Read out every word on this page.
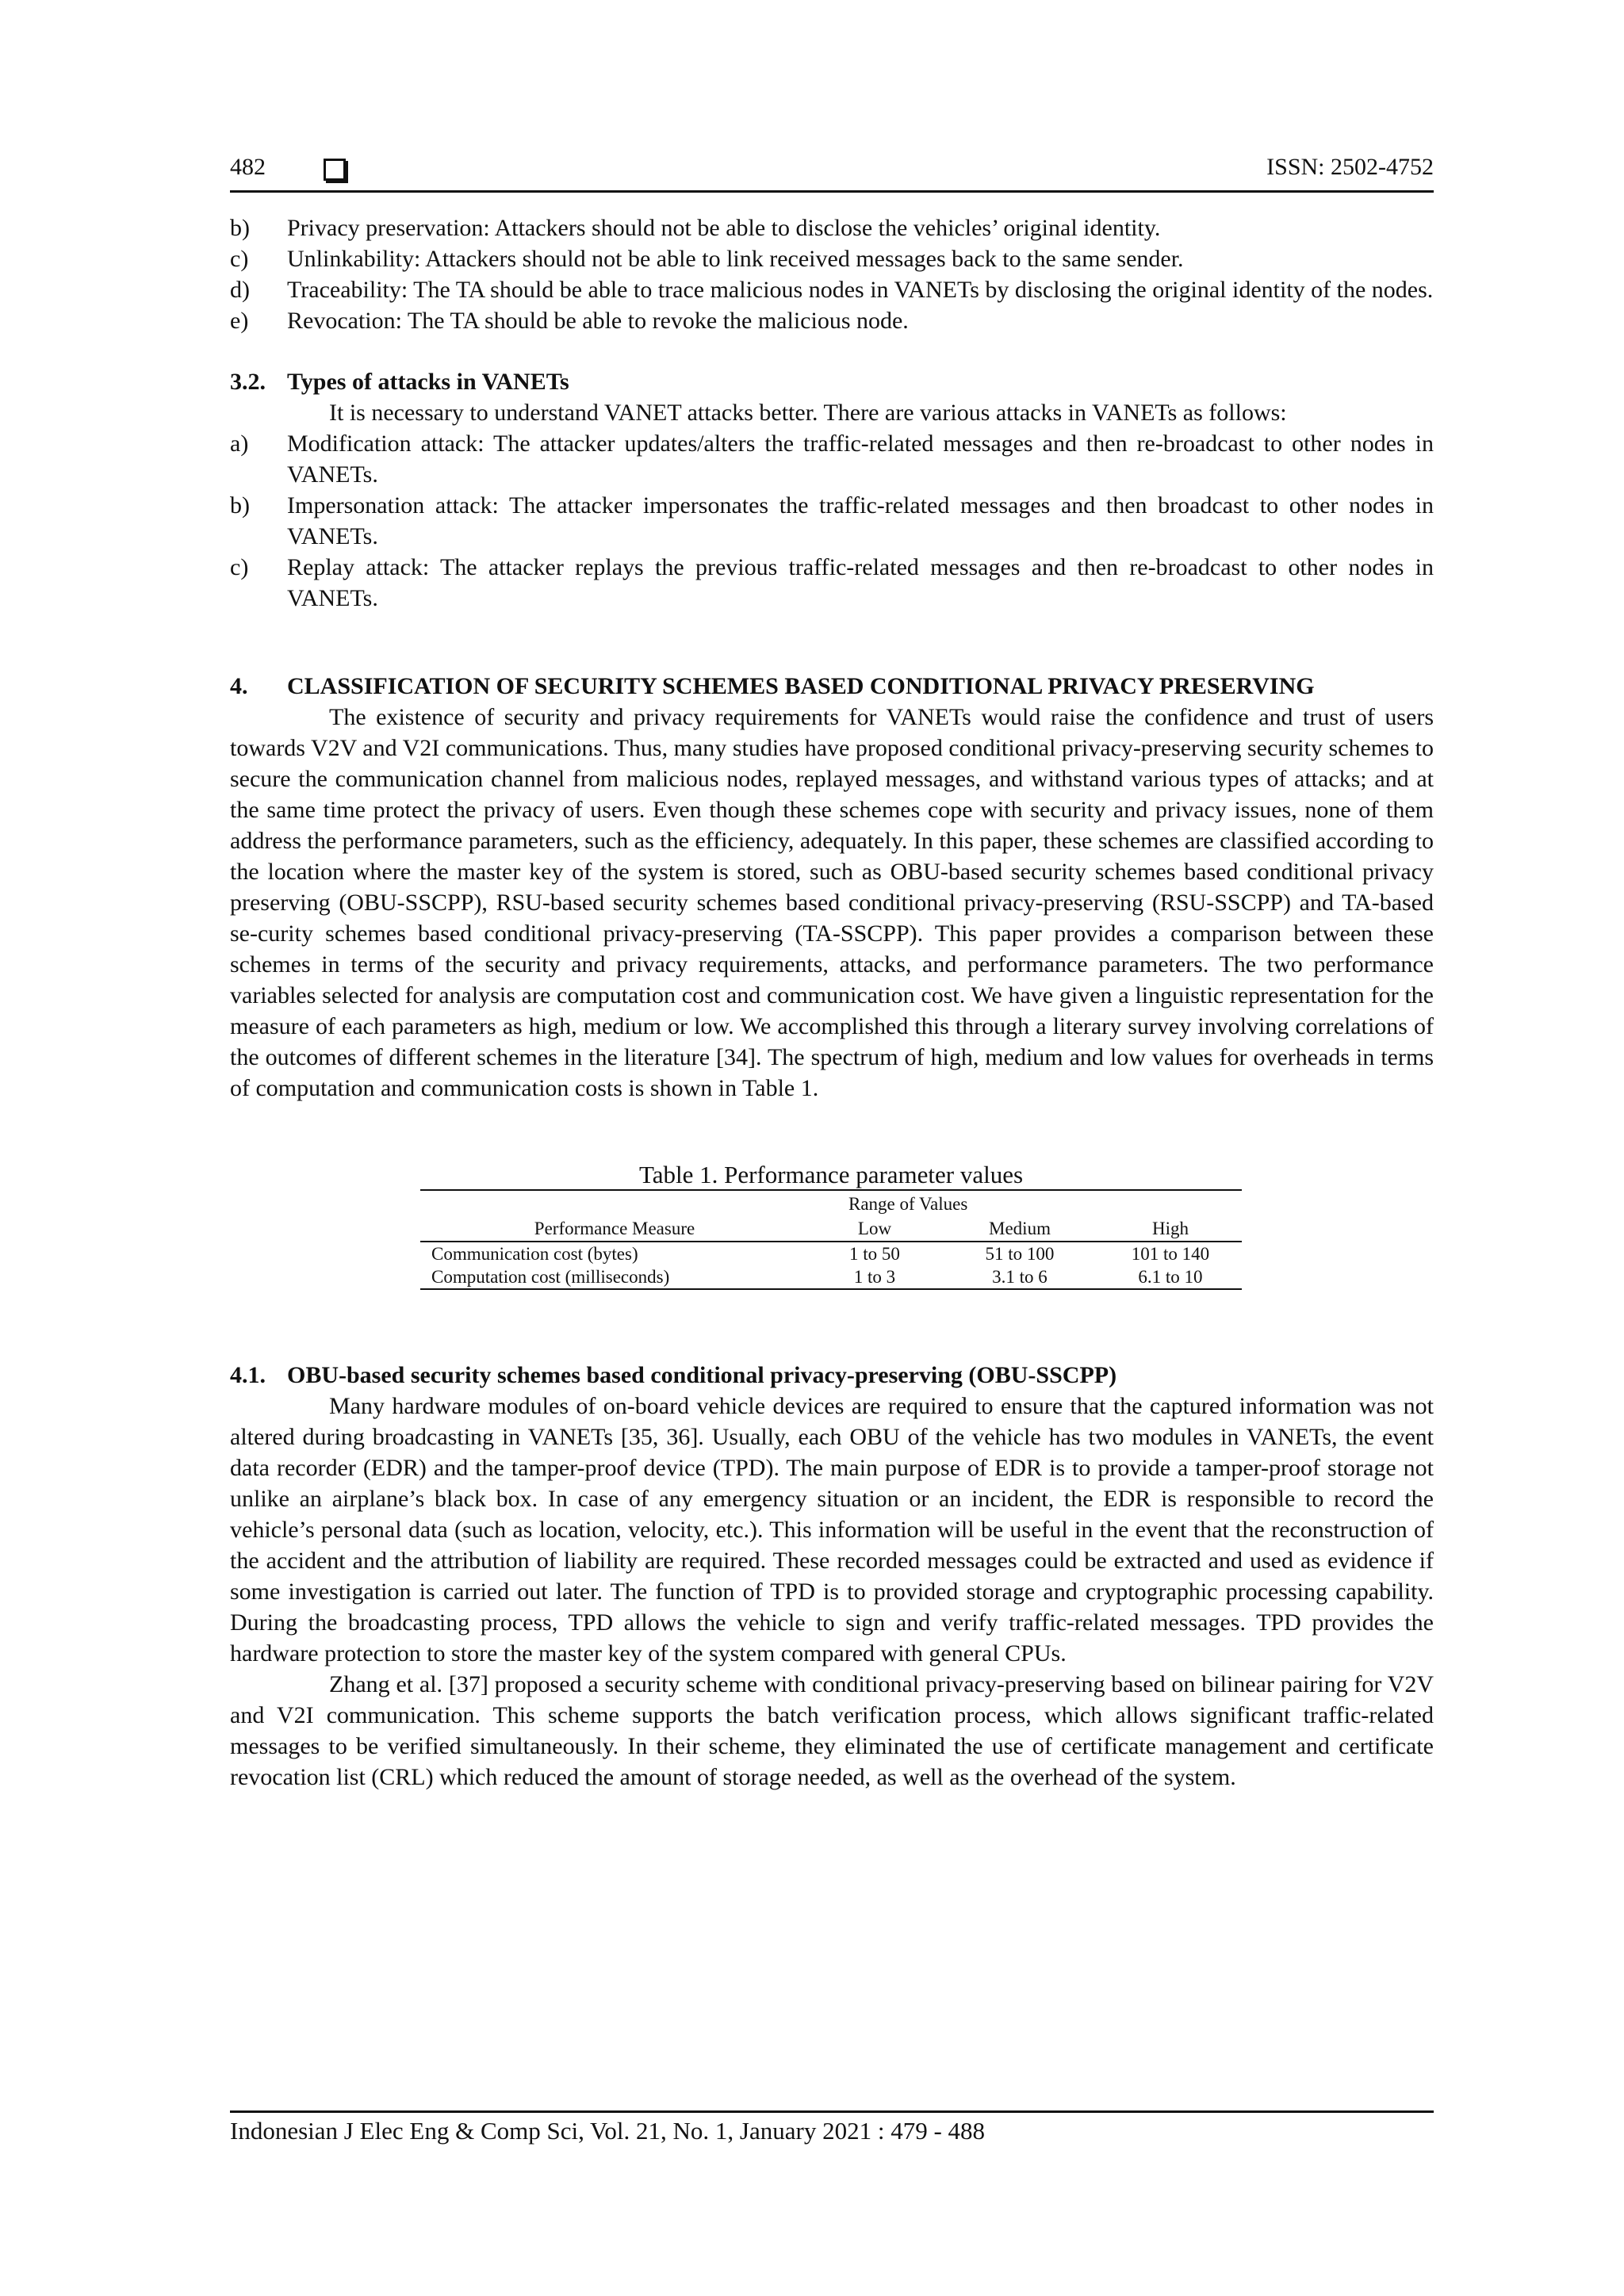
482	ISSN: 2502-4752
b) Privacy preservation: Attackers should not be able to disclose the vehicles’ original identity.
c) Unlinkability: Attackers should not be able to link received messages back to the same sender.
d) Traceability: The TA should be able to trace malicious nodes in VANETs by disclosing the original identity of the nodes.
e) Revocation: The TA should be able to revoke the malicious node.
3.2. Types of attacks in VANETs

It is necessary to understand VANET attacks better. There are various attacks in VANETs as follows:

a) Modification attack: The attacker updates/alters the traffic-related messages and then re-broadcast to other nodes in VANETs.
b) Impersonation attack: The attacker impersonates the traffic-related messages and then broadcast to other nodes in VANETs.
c) Replay attack: The attacker replays the previous traffic-related messages and then re-broadcast to other nodes in VANETs.
4.	CLASSIFICATION OF SECURITY SCHEMES BASED CONDITIONAL PRIVACY PRESERVING

The existence of security and privacy requirements for VANETs would raise the confidence and trust of users towards V2V and V2I communications. Thus, many studies have proposed conditional privacy-preserving security schemes to secure the communication channel from malicious nodes, replayed messages, and withstand various types of attacks; and at the same time protect the privacy of users. Even though these schemes cope with security and privacy issues, none of them address the performance parameters, such as the efficiency, adequately. In this paper, these schemes are classified according to the location where the master key of the system is stored, such as OBU-based security schemes based conditional privacy preserving (OBU-SSCPP), RSU-based security schemes based conditional privacy-preserving (RSU-SSCPP) and TA-based se-curity schemes based conditional privacy-preserving (TA-SSCPP). This paper provides a comparison between these schemes in terms of the security and privacy requirements, attacks, and performance parameters. The two performance variables selected for analysis are computation cost and communication cost. We have given a linguistic representation for the measure of each parameters as high, medium or low. We accomplished this through a literary survey involving correlations of the outcomes of different schemes in the literature [34]. The spectrum of high, medium and low values for overheads in terms of computation and communication costs is shown in Table 1.

Table 1. Performance parameter values
	Range of Values		
Performance Measure	Low	Medium	High
Communication cost (bytes)	1 to 50	51 to 100	101 to 140
Computation cost (milliseconds)	1 to 3	3.1 to 6	6.1 to 10
4.1. OBU-based security schemes based conditional privacy-preserving (OBU-SSCPP)

Many hardware modules of on-board vehicle devices are required to ensure that the captured information was not altered during broadcasting in VANETs [35, 36]. Usually, each OBU of the vehicle has two modules in VANETs, the event data recorder (EDR) and the tamper-proof device (TPD). The main purpose of EDR is to provide a tamper-proof storage not unlike an airplane’s black box. In case of any emergency situation or an incident, the EDR is responsible to record the vehicle’s personal data (such as location, velocity, etc.). This information will be useful in the event that the reconstruction of the accident and the attribution of liability are required. These recorded messages could be extracted and used as evidence if some investigation is carried out later. The function of TPD is to provided storage and cryptographic processing capability. During the broadcasting process, TPD allows the vehicle to sign and verify traffic-related messages. TPD provides the hardware protection to store the master key of the system compared with general CPUs.

Zhang et al. [37] proposed a security scheme with conditional privacy-preserving based on bilinear pairing for V2V and V2I communication. This scheme supports the batch verification process, which allows significant traffic-related messages to be verified simultaneously. In their scheme, they eliminated the use of certificate management and certificate revocation list (CRL) which reduced the amount of storage needed, as well as the overhead of the system.

Indonesian J Elec Eng & Comp Sci, Vol. 21, No. 1, January 2021 : 479 - 488
